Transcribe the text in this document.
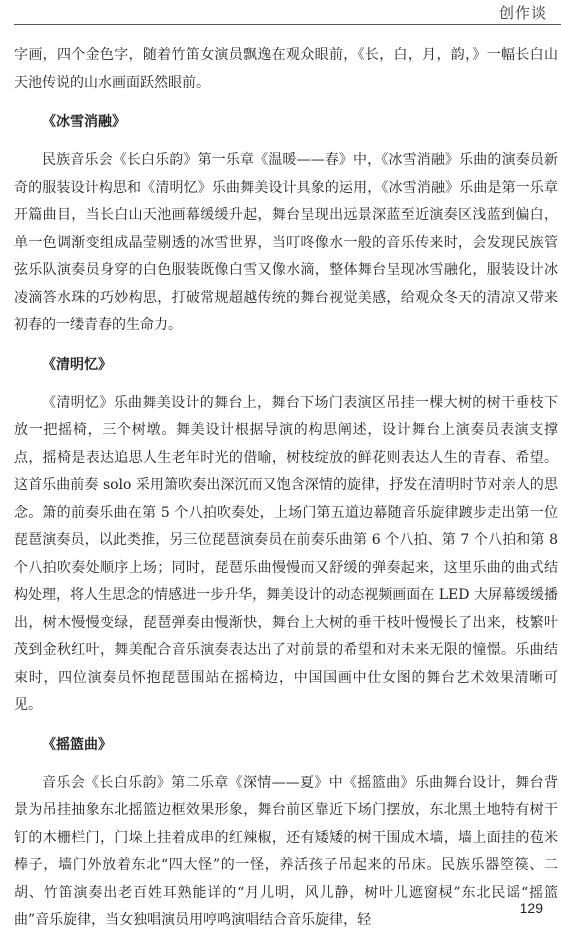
创作谈

字画，四个金色字，随着竹笛女演员飘逸在观众眼前，《长，白，月，韵，》一幅长白山天池传说的山水画面跃然眼前。

《冰雪消融》

民族音乐会《长白乐韵》第一乐章《温暖——春》中，《冰雪消融》乐曲的演奏员新奇的服装设计构思和《清明忆》乐曲舞美设计具象的运用，《冰雪消融》乐曲是第一乐章开篇曲目，当长白山天池画幕缓缓升起，舞台呈现出远景深蓝至近演奏区浅蓝到偏白，单一色调渐变组成晶莹剔透的冰雪世界，当叮咚像水一般的音乐传来时，会发现民族管弦乐队演奏员身穿的白色服装既像白雪又像水滴，整体舞台呈现冰雪融化，服装设计冰凌滴答水珠的巧妙构思，打破常规超越传统的舞台视觉美感，给观众冬天的清凉又带来初春的一缕青春的生命力。

《清明忆》

《清明忆》乐曲舞美设计的舞台上，舞台下场门表演区吊挂一棵大树的树干垂枝下放一把摇椅，三个树墩。舞美设计根据导演的构思阐述，设计舞台上演奏员表演支撑点，摇椅是表达追思人生老年时光的借喻，树枝绽放的鲜花则表达人生的青春、希望。这首乐曲前奏 solo 采用箫吹奏出深沉而又饱含深情的旋律，抒发在清明时节对亲人的思念。箫的前奏乐曲在第 5 个八拍吹奏处，上场门第五道边幕随音乐旋律踱步走出第一位琵琶演奏员，以此类推，另三位琵琶演奏员在前奏乐曲第 6 个八拍、第 7 个八拍和第 8 个八拍吹奏处顺序上场；同时，琵琶乐曲慢慢而又舒缓的弹奏起来，这里乐曲的曲式结构处理，将人生思念的情感进一步升华，舞美设计的动态视频画面在 LED 大屏幕缓缓播出，树木慢慢变绿，琵琶弹奏由慢渐快，舞台上大树的垂干枝叶慢慢长了出来，枝繁叶茂到金秋红叶，舞美配合音乐演奏表达出了对前景的希望和对未来无限的憧憬。乐曲结束时，四位演奏员怀抱琵琶围站在摇椅边，中国国画中仕女图的舞台艺术效果清晰可见。

《摇篮曲》

音乐会《长白乐韵》第二乐章《深情——夏》中《摇篮曲》乐曲舞台设计，舞台背景为吊挂抽象东北摇篮边框效果形象，舞台前区靠近下场门摆放，东北黑土地特有树干钉的木栅栏门，门垛上挂着成串的红辣椒，还有矮矮的树干围成木墙，墙上面挂的苞米棒子，墙门外放着东北“四大怪”的一怪，养活孩子吊起来的吊床。民族乐器箜篌、二胡、竹笛演奏出老百姓耳熟能详的“月儿明，风儿静，树叶儿遮窗棂”东北民谣“摇篮曲”音乐旋律，当女独唱演员用哼鸣演唱结合音乐旋律，轻

129
